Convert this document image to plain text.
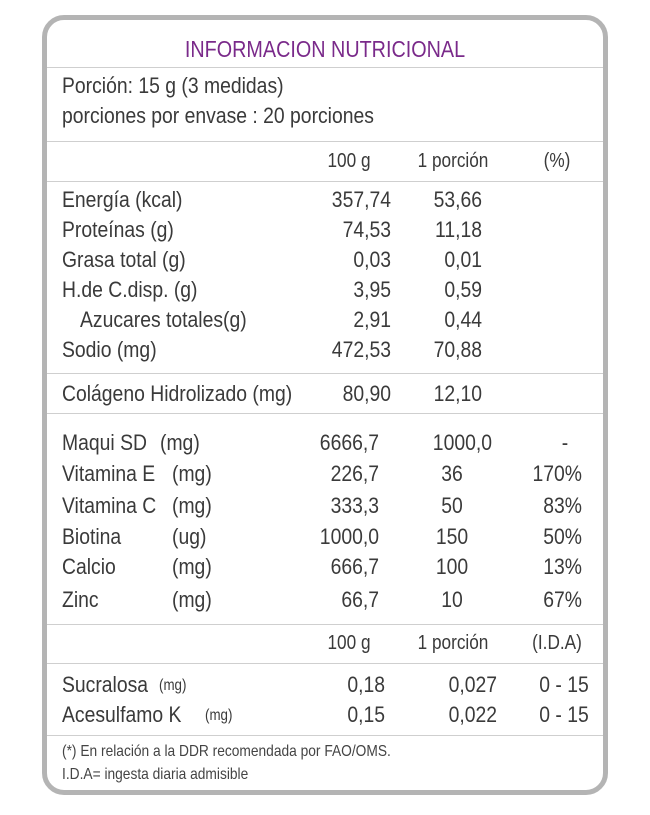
INFORMACION NUTRICIONAL
Porción: 15 g (3 medidas)
porciones por envase : 20 porciones
100 g	1 porción	(%)
Energía (kcal)	357,74	53,66
Proteínas (g)	74,53	11,18
Grasa total (g)	0,03	0,01
H.de C.disp. (g)	3,95	0,59
Azucares totales(g)	2,91	0,44
Sodio (mg)	472,53	70,88
Colágeno Hidrolizado (mg)	80,90	12,10
Maqui SD (mg)	6666,7	1000,0	-
Vitamina E (mg)	226,7	36	170%
Vitamina C (mg)	333,3	50	83%
Biotina (ug)	1000,0	150	50%
Calcio (mg)	666,7	100	13%
Zinc	(mg)	66,7	10	67%
100 g	1 porción	(I.D.A)
Sucralosa (mg)	0,18	0,027	0 - 15
Acesulfamo K (mg)	0,15	0,022	0 - 15
(*) En relación a la DDR recomendada por FAO/OMS.
I.D.A= ingesta diaria admisible
